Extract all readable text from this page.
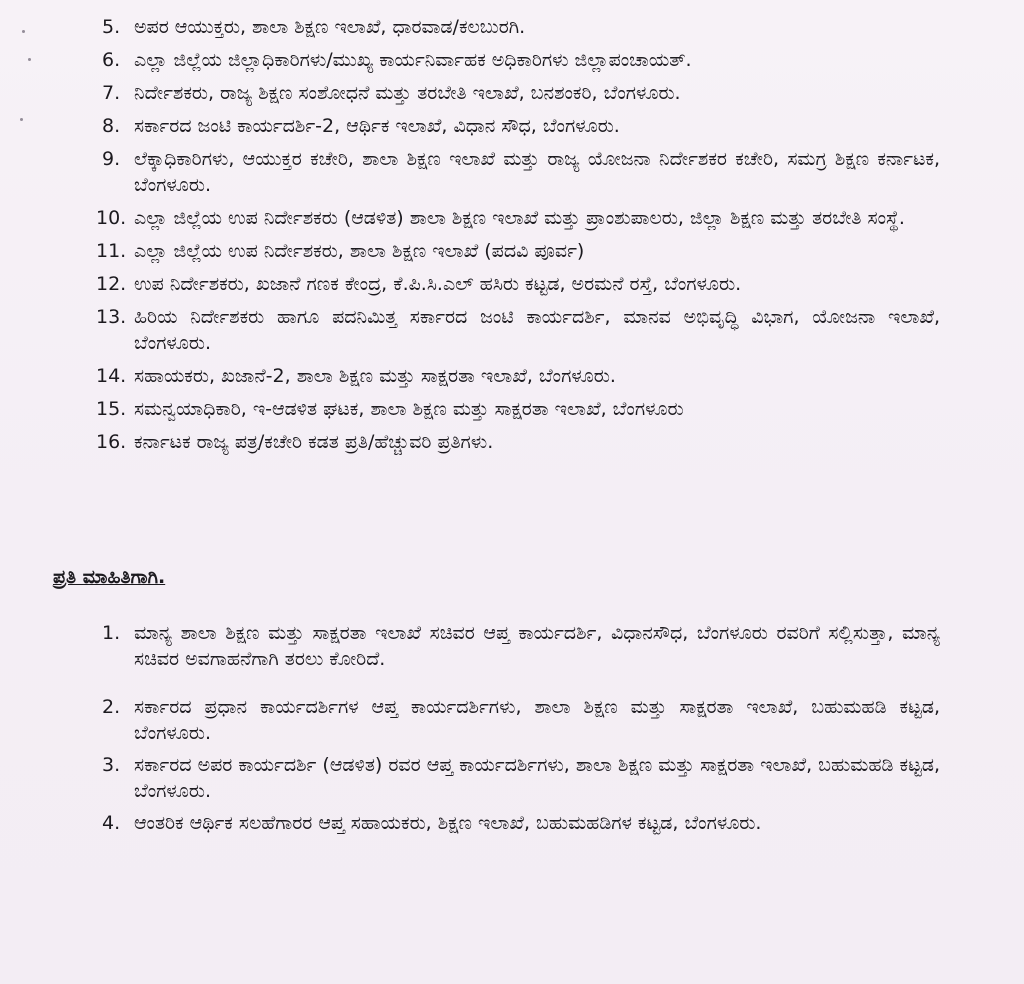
5. ಅಪರ ಆಯುಕ್ತರು, ಶಾಲಾ ಶಿಕ್ಷಣ ಇಲಾಖೆ, ಧಾರವಾಡ/ಕಲಬುರಗಿ.
6. ಎಲ್ಲಾ ಜಿಲ್ಲೆಯ ಜಿಲ್ಲಾಧಿಕಾರಿಗಳು/ಮುಖ್ಯ ಕಾರ್ಯನಿರ್ವಾಹಕ ಅಧಿಕಾರಿಗಳು ಜಿಲ್ಲಾಪಂಚಾಯತ್.
7. ನಿರ್ದೇಶಕರು, ರಾಜ್ಯ ಶಿಕ್ಷಣ ಸಂಶೋಧನೆ ಮತ್ತು ತರಬೇತಿ ಇಲಾಖೆ, ಬನಶಂಕರಿ, ಬೆಂಗಳೂರು.
8. ಸರ್ಕಾರದ ಜಂಟಿ ಕಾರ್ಯದರ್ಶಿ-2, ಆರ್ಥಿಕ ಇಲಾಖೆ, ವಿಧಾನ ಸೌಧ, ಬೆಂಗಳೂರು.
9. ಲೆಕ್ಕಾಧಿಕಾರಿಗಳು, ಆಯುಕ್ತರ ಕಚೇರಿ, ಶಾಲಾ ಶಿಕ್ಷಣ ಇಲಾಖೆ ಮತ್ತು ರಾಜ್ಯ ಯೋಜನಾ ನಿರ್ದೇಶಕರ ಕಚೇರಿ, ಸಮಗ್ರ ಶಿಕ್ಷಣ ಕರ್ನಾಟಕ, ಬೆಂಗಳೂರು.
10. ಎಲ್ಲಾ ಜಿಲ್ಲೆಯ ಉಪ ನಿರ್ದೇಶಕರು (ಆಡಳಿತ) ಶಾಲಾ ಶಿಕ್ಷಣ ಇಲಾಖೆ ಮತ್ತು ಪ್ರಾಂಶುಪಾಲರು, ಜಿಲ್ಲಾ ಶಿಕ್ಷಣ ಮತ್ತು ತರಬೇತಿ ಸಂಸ್ಥೆ.
11. ಎಲ್ಲಾ ಜಿಲ್ಲೆಯ ಉಪ ನಿರ್ದೇಶಕರು, ಶಾಲಾ ಶಿಕ್ಷಣ ಇಲಾಖೆ (ಪದವಿ ಪೂರ್ವ)
12. ಉಪ ನಿರ್ದೇಶಕರು, ಖಜಾನೆ ಗಣಕ ಕೇಂದ್ರ, ಕೆ.ಪಿ.ಸಿ.ಎಲ್ ಹಸಿರು ಕಟ್ಟಡ, ಅರಮನೆ ರಸ್ತೆ, ಬೆಂಗಳೂರು.
13. ಹಿರಿಯ ನಿರ್ದೇಶಕರು ಹಾಗೂ ಪದನಿಮಿತ್ತ ಸರ್ಕಾರದ ಜಂಟಿ ಕಾರ್ಯದರ್ಶಿ, ಮಾನವ ಅಭಿವೃದ್ಧಿ ವಿಭಾಗ, ಯೋಜನಾ ಇಲಾಖೆ, ಬೆಂಗಳೂರು.
14. ಸಹಾಯಕರು, ಖಜಾನೆ-2, ಶಾಲಾ ಶಿಕ್ಷಣ ಮತ್ತು ಸಾಕ್ಷರತಾ ಇಲಾಖೆ, ಬೆಂಗಳೂರು.
15. ಸಮನ್ವಯಾಧಿಕಾರಿ, ಇ-ಆಡಳಿತ ಘಟಕ, ಶಾಲಾ ಶಿಕ್ಷಣ ಮತ್ತು ಸಾಕ್ಷರತಾ ಇಲಾಖೆ, ಬೆಂಗಳೂರು
16. ಕರ್ನಾಟಕ ರಾಜ್ಯ ಪತ್ರ/ಕಚೇರಿ ಕಡತ ಪ್ರತಿ/ಹೆಚ್ಚುವರಿ ಪ್ರತಿಗಳು.

ಪ್ರತಿ ಮಾಹಿತಿಗಾಗಿ.

1. ಮಾನ್ಯ ಶಾಲಾ ಶಿಕ್ಷಣ ಮತ್ತು ಸಾಕ್ಷರತಾ ಇಲಾಖೆ ಸಚಿವರ ಆಪ್ತ ಕಾರ್ಯದರ್ಶಿ, ವಿಧಾನಸೌಧ, ಬೆಂಗಳೂರು ರವರಿಗೆ ಸಲ್ಲಿಸುತ್ತಾ, ಮಾನ್ಯ ಸಚಿವರ ಅವಗಾಹನೆಗಾಗಿ ತರಲು ಕೋರಿದೆ.
2. ಸರ್ಕಾರದ ಪ್ರಧಾನ ಕಾರ್ಯದರ್ಶಿಗಳ ಆಪ್ತ ಕಾರ್ಯದರ್ಶಿಗಳು, ಶಾಲಾ ಶಿಕ್ಷಣ ಮತ್ತು ಸಾಕ್ಷರತಾ ಇಲಾಖೆ, ಬಹುಮಹಡಿ ಕಟ್ಟಡ, ಬೆಂಗಳೂರು.
3. ಸರ್ಕಾರದ ಅಪರ ಕಾರ್ಯದರ್ಶಿ (ಆಡಳಿತ) ರವರ ಆಪ್ತ ಕಾರ್ಯದರ್ಶಿಗಳು, ಶಾಲಾ ಶಿಕ್ಷಣ ಮತ್ತು ಸಾಕ್ಷರತಾ ಇಲಾಖೆ, ಬಹುಮಹಡಿ ಕಟ್ಟಡ, ಬೆಂಗಳೂರು.
4. ಆಂತರಿಕ ಆರ್ಥಿಕ ಸಲಹೆಗಾರರ ಆಪ್ತ ಸಹಾಯಕರು, ಶಿಕ್ಷಣ ಇಲಾಖೆ, ಬಹುಮಹಡಿಗಳ ಕಟ್ಟಡ, ಬೆಂಗಳೂರು.
